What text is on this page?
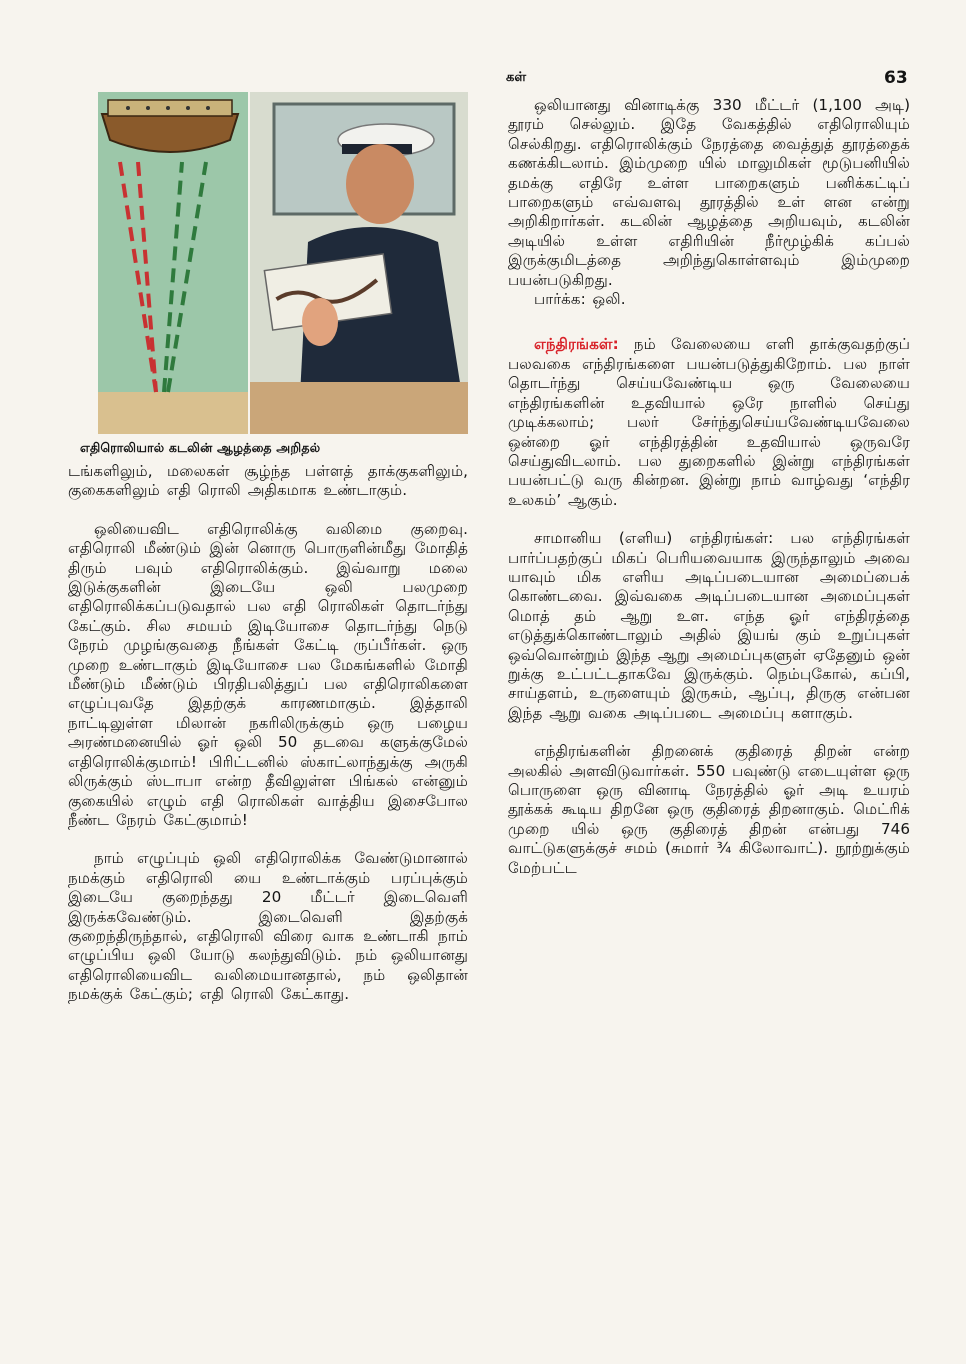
கள்	63
எதிரொலியால் கடலின் ஆழத்தை அறிதல்

டங்களிலும், மலைகள் சூழ்ந்த பள்ளத் தாக்குகளிலும், குகைகளிலும் எதி ரொலி அதிகமாக உண்டாகும்.

ஒலியைவிட எதிரொலிக்கு வலிமை குறைவு. எதிரொலி மீண்டும் இன் னொரு பொருளின்மீது மோதித் திரும் பவும் எதிரொலிக்கும். இவ்வாறு மலை இடுக்குகளின் இடையே ஒலி பலமுறை எதிரொலிக்கப்படுவதால் பல எதி ரொலிகள் தொடர்ந்து கேட்கும். சில சமயம் இடியோசை தொடர்ந்து நெடு நேரம் முழங்குவதை நீங்கள் கேட்டி ருப்பீர்கள். ஒரு முறை உண்டாகும் இடியோசை பல மேகங்களில் மோதி மீண்டும் மீண்டும் பிரதிபலித்துப் பல எதிரொலிகளை எழுப்புவதே இதற்குக் காரணமாகும். இத்தாலி நாட்டிலுள்ள மிலான் நகரிலிருக்கும் ஒரு பழைய அரண்மனையில் ஓர் ஒலி 50 தடவை களுக்குமேல் எதிரொலிக்குமாம்! பிரிட்டனில் ஸ்காட்லாந்துக்கு அருகி லிருக்கும் ஸ்டாபா என்ற தீவிலுள்ள பிங்கல் என்னும் குகையில் எழும் எதி ரொலிகள் வாத்திய இசைபோல நீண்ட நேரம் கேட்குமாம்!

நாம் எழுப்பும் ஒலி எதிரொலிக்க வேண்டுமானால் நமக்கும் எதிரொலி யை உண்டாக்கும் பரப்புக்கும் இடையே குறைந்தது 20 மீட்டர் இடைவெளி இருக்கவேண்டும். இடைவெளி இதற்குக் குறைந்திருந்தால், எதிரொலி விரை வாக உண்டாகி நாம் எழுப்பிய ஒலி யோடு கலந்துவிடும். நம் ஒலியானது எதிரொலியைவிட வலிமையானதால், நம் ஒலிதான் நமக்குக் கேட்கும்; எதி ரொலி கேட்காது.

ஒலியானது வினாடிக்கு 330 மீட்டர் (1,100 அடி) தூரம் செல்லும். இதே வேகத்தில் எதிரொலியும் செல்கிறது. எதிரொலிக்கும் நேரத்தை வைத்துத் தூரத்தைக் கணக்கிடலாம். இம்முறை யில் மாலுமிகள் மூடுபனியில் தமக்கு எதிரே உள்ள பாறைகளும் பனிக்கட்டிப் பாறைகளும் எவ்வளவு தூரத்தில் உள் ளன என்று அறிகிறார்கள். கடலின் ஆழத்தை அறியவும், கடலின் அடியில் உள்ள எதிரியின் நீர்மூழ்கிக் கப்பல் இருக்குமிடத்தை அறிந்துகொள்ளவும் இம்முறை பயன்படுகிறது.

பார்க்க: ஒலி.

எந்திரங்கள்: நம் வேலையை எளி தாக்குவதற்குப் பலவகை எந்திரங்களை பயன்படுத்துகிறோம். பல நாள் தொடர்ந்து செய்யவேண்டிய ஒரு வேலையை எந்திரங்களின் உதவியால் ஒரே நாளில் செய்து முடிக்கலாம்; பலர் சேர்ந்துசெய்யவேண்டியவேலை ஒன்றை ஓர் எந்திரத்தின் உதவியால் ஒருவரே செய்துவிடலாம். பல துறைகளில் இன்று எந்திரங்கள் பயன்பட்டு வரு கின்றன. இன்று நாம் வாழ்வது ‘எந்திர உலகம்’ ஆகும்.

சாமானிய (எளிய) எந்திரங்கள்: பல எந்திரங்கள் பார்ப்பதற்குப் மிகப் பெரியவையாக இருந்தாலும் அவை யாவும் மிக எளிய அடிப்படையான அமைப்பைக் கொண்டவை. இவ்வகை அடிப்படையான அமைப்புகள் மொத் தம் ஆறு உள. எந்த ஓர் எந்திரத்தை எடுத்துக்கொண்டாலும் அதில் இயங் கும் உறுப்புகள் ஒவ்வொன்றும் இந்த ஆறு அமைப்புகளுள் ஏதேனும் ஒன் றுக்கு உட்பட்டதாகவே இருக்கும். நெம்புகோல், கப்பி, சாய்தளம், உருளையும் இருசும், ஆப்பு, திருகு என்பன இந்த ஆறு வகை அடிப்படை அமைப்பு களாகும்.

எந்திரங்களின் திறனைக் குதிரைத் திறன் என்ற அலகில் அளவிடுவார்கள். 550 பவுண்டு எடையுள்ள ஒரு பொருளை ஒரு வினாடி நேரத்தில் ஓர் அடி உயரம் தூக்கக் கூடிய திறனே ஒரு குதிரைத் திறனாகும். மெட்ரிக் முறை யில் ஒரு குதிரைத் திறன் என்பது 746 வாட்டுகளுக்குச் சமம் (சுமார் ¾ கிலோவாட்). நூற்றுக்கும் மேற்பட்ட
